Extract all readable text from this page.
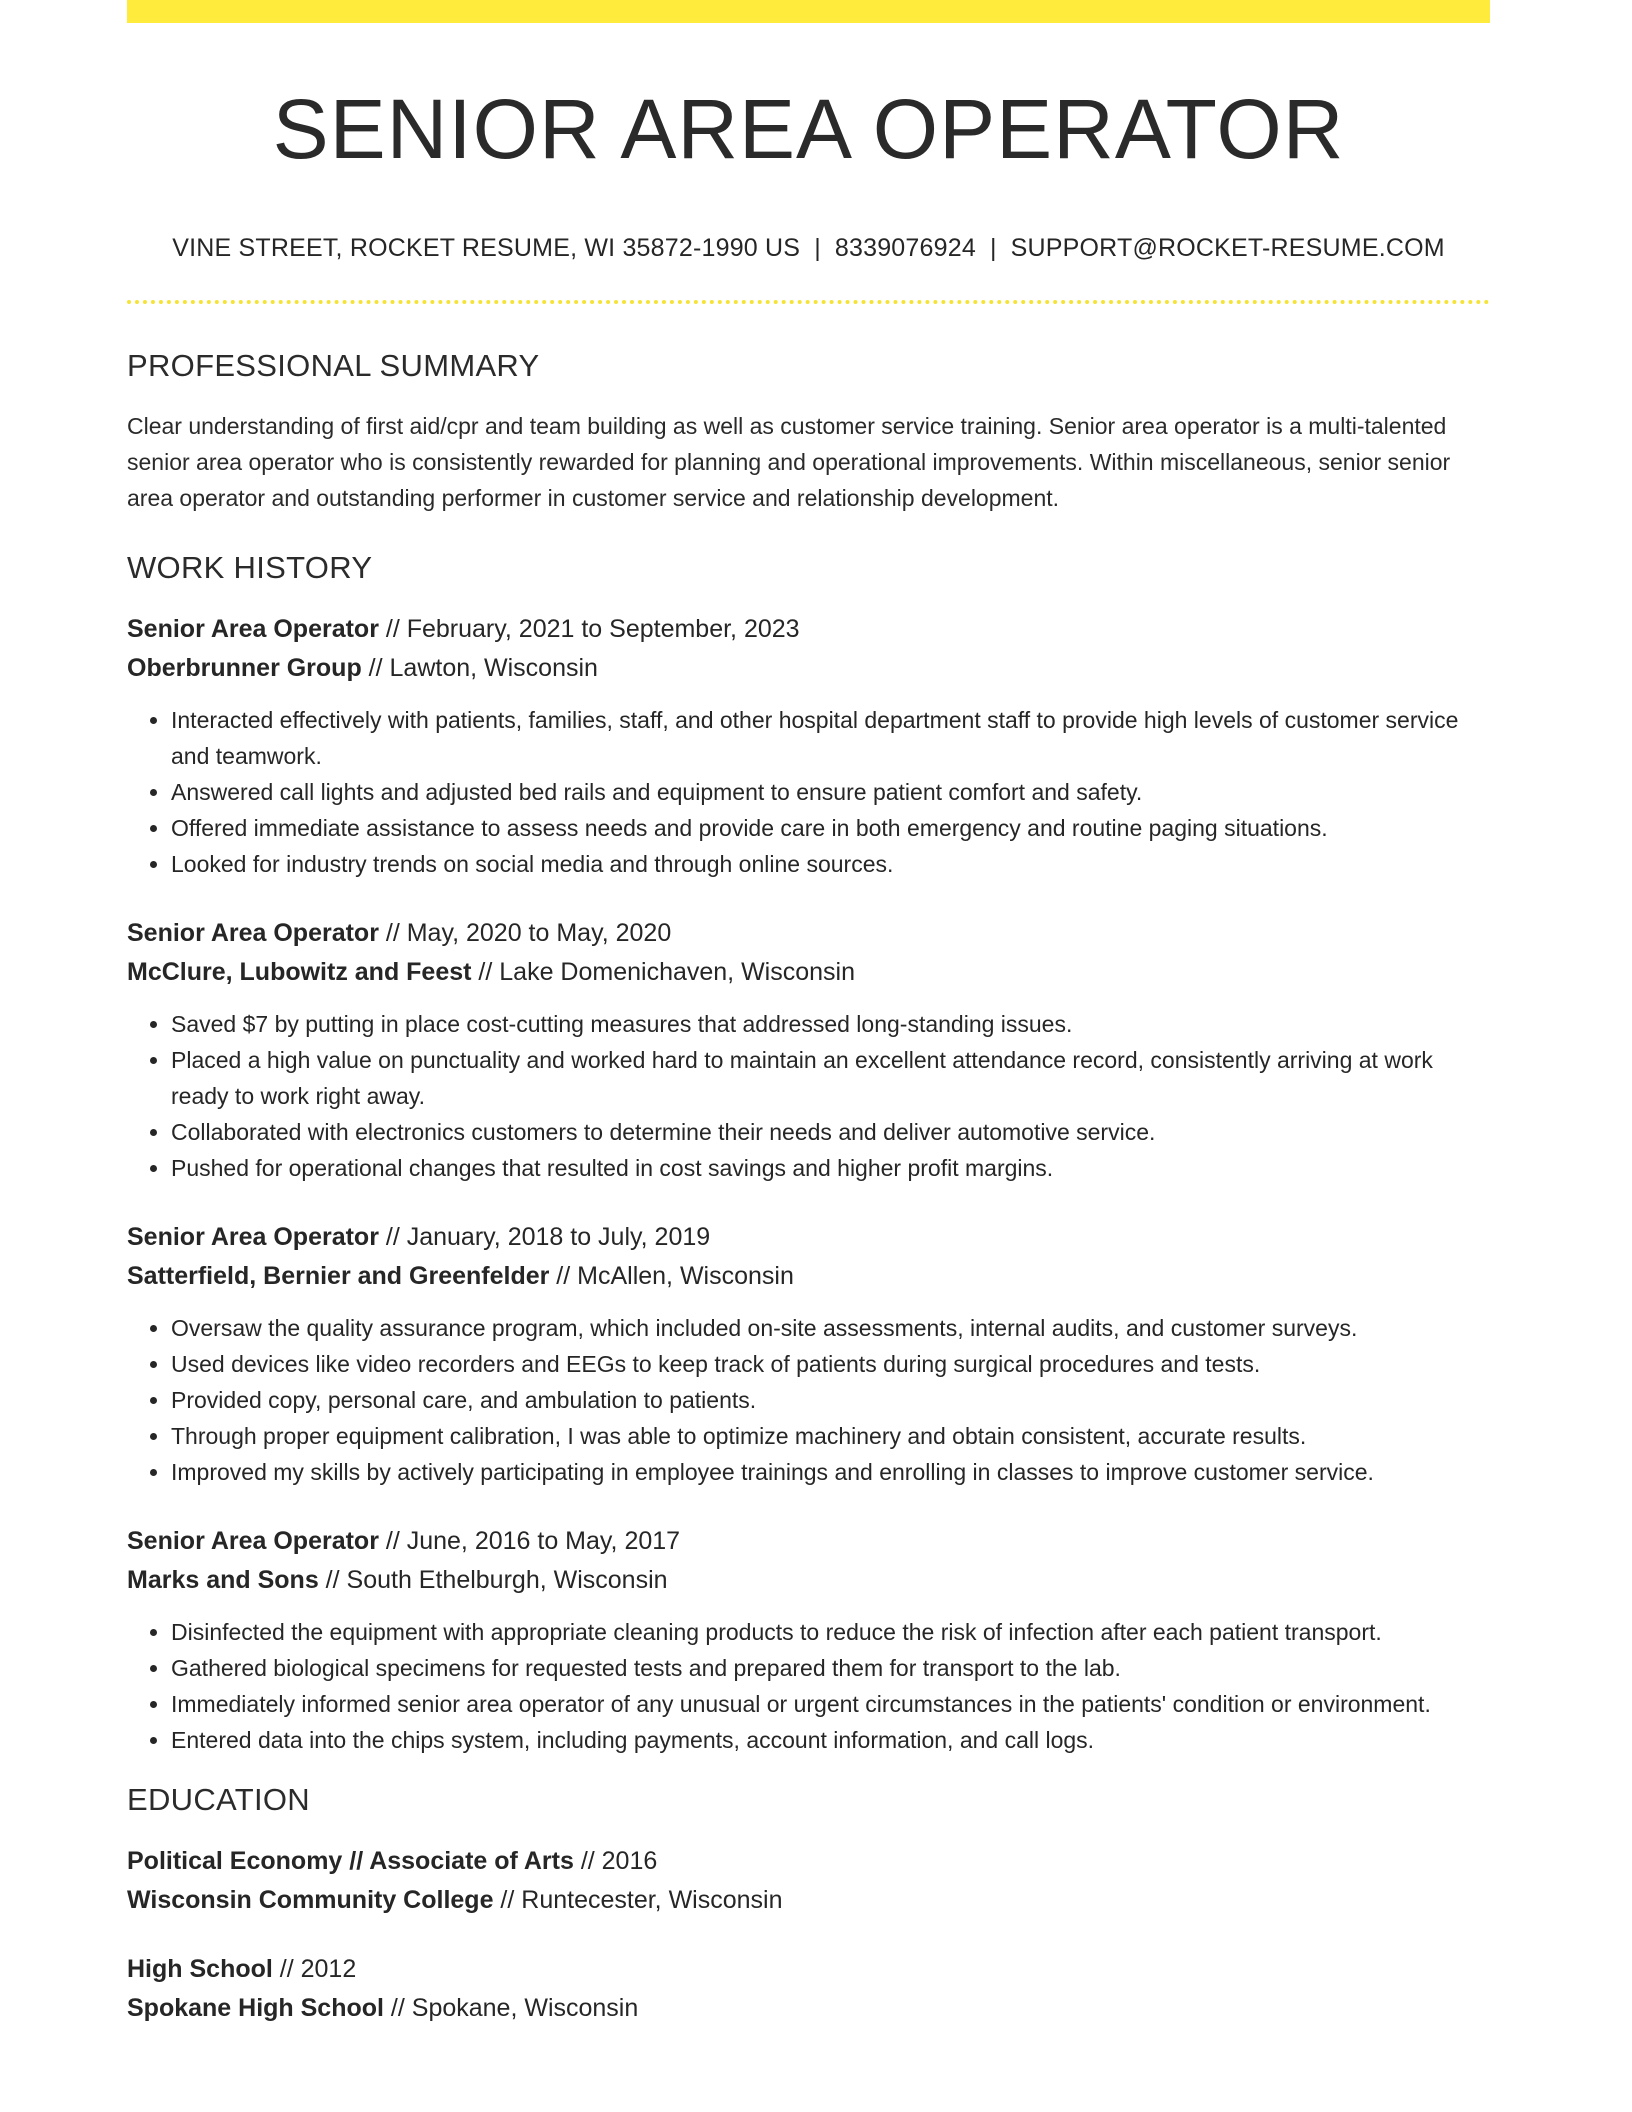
SENIOR AREA OPERATOR
VINE STREET, ROCKET RESUME, WI 35872-1990 US | 8339076924 | SUPPORT@ROCKET-RESUME.COM
PROFESSIONAL SUMMARY

Clear understanding of first aid/cpr and team building as well as customer service training. Senior area operator is a multi-talented senior area operator who is consistently rewarded for planning and operational improvements. Within miscellaneous, senior senior area operator and outstanding performer in customer service and relationship development.

WORK HISTORY
Senior Area Operator // February, 2021 to September, 2023
Oberbrunner Group // Lawton, Wisconsin
• Interacted effectively with patients, families, staff, and other hospital department staff to provide high levels of customer service and teamwork.
• Answered call lights and adjusted bed rails and equipment to ensure patient comfort and safety.
• Offered immediate assistance to assess needs and provide care in both emergency and routine paging situations.
• Looked for industry trends on social media and through online sources.
Senior Area Operator // May, 2020 to May, 2020
McClure, Lubowitz and Feest // Lake Domenichaven, Wisconsin
• Saved $7 by putting in place cost-cutting measures that addressed long-standing issues.
• Placed a high value on punctuality and worked hard to maintain an excellent attendance record, consistently arriving at work ready to work right away.
• Collaborated with electronics customers to determine their needs and deliver automotive service.
• Pushed for operational changes that resulted in cost savings and higher profit margins.
Senior Area Operator // January, 2018 to July, 2019
Satterfield, Bernier and Greenfelder // McAllen, Wisconsin
• Oversaw the quality assurance program, which included on-site assessments, internal audits, and customer surveys.
• Used devices like video recorders and EEGs to keep track of patients during surgical procedures and tests.
• Provided copy, personal care, and ambulation to patients.
• Through proper equipment calibration, I was able to optimize machinery and obtain consistent, accurate results.
• Improved my skills by actively participating in employee trainings and enrolling in classes to improve customer service.
Senior Area Operator // June, 2016 to May, 2017
Marks and Sons // South Ethelburgh, Wisconsin
• Disinfected the equipment with appropriate cleaning products to reduce the risk of infection after each patient transport.
• Gathered biological specimens for requested tests and prepared them for transport to the lab.
• Immediately informed senior area operator of any unusual or urgent circumstances in the patients' condition or environment.
• Entered data into the chips system, including payments, account information, and call logs.
EDUCATION
Political Economy // Associate of Arts // 2016
Wisconsin Community College // Runtecester, Wisconsin
High School // 2012
Spokane High School // Spokane, Wisconsin
